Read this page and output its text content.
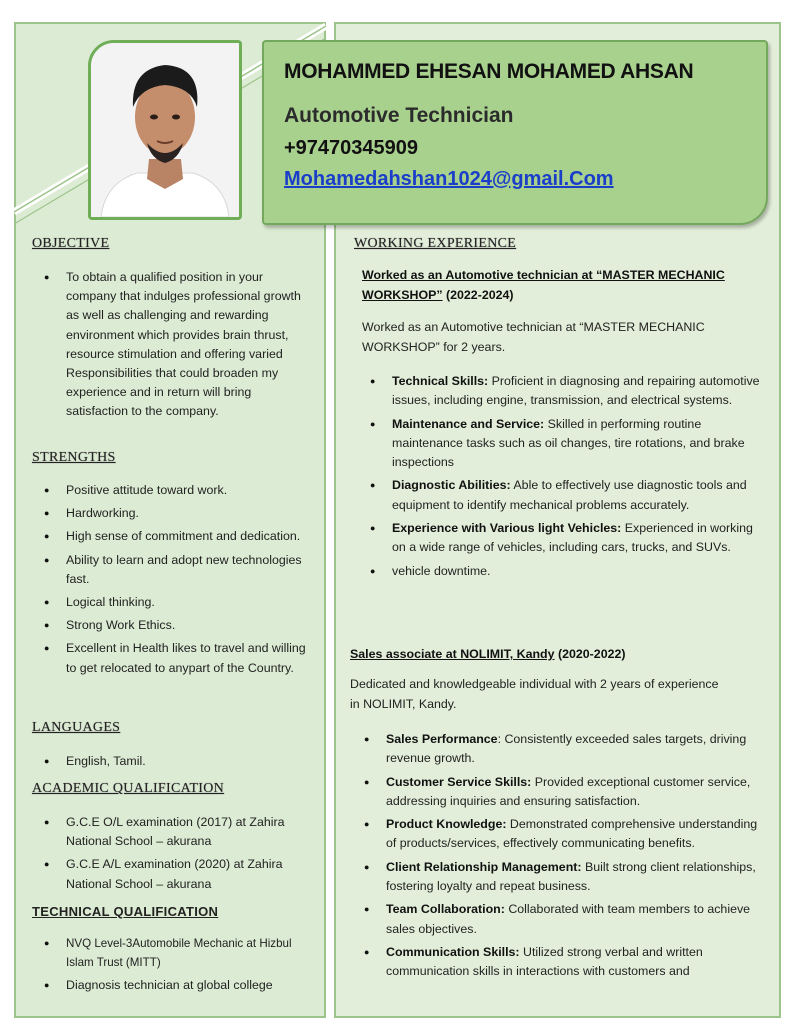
MOHAMMED EHESAN MOHAMED AHSAN
Automotive Technician
+97470345909
Mohamedahshan1024@gmail.Com
OBJECTIVE
● To obtain a qualified position in your company that indulges professional growth as well as challenging and rewarding environment which provides brain thrust, resource stimulation and offering varied Responsibilities that could broaden my experience and in return will bring satisfaction to the company.
STRENGTHS
● Positive attitude toward work.
● Hardworking.
● High sense of commitment and dedication.
● Ability to learn and adopt new technologies fast.
● Logical thinking.
● Strong Work Ethics.
● Excellent in Health likes to travel and willing to get relocated to anypart of the Country.
LANGUAGES
● English, Tamil.
ACADEMIC QUALIFICATION
● G.C.E O/L examination (2017) at Zahira National School – akurana
● G.C.E A/L examination (2020) at Zahira National School – akurana
TECHNICAL QUALIFICATION
● NVQ Level-3Automobile Mechanic at Hizbul Islam Trust (MITT)
● Diagnosis technician at global college
WORKING EXPERIENCE
Worked as an Automotive technician at “MASTER MECHANIC WORKSHOP” (2022-2024)
Worked as an Automotive technician at “MASTER MECHANIC WORKSHOP” for 2 years.
● Technical Skills: Proficient in diagnosing and repairing automotive issues, including engine, transmission, and electrical systems.
● Maintenance and Service: Skilled in performing routine maintenance tasks such as oil changes, tire rotations, and brake inspections
● Diagnostic Abilities: Able to effectively use diagnostic tools and equipment to identify mechanical problems accurately.
● Experience with Various light Vehicles: Experienced in working on a wide range of vehicles, including cars, trucks, and SUVs.
● vehicle downtime.
Sales associate at NOLIMIT, Kandy (2020-2022)
Dedicated and knowledgeable individual with 2 years of experience in NOLIMIT, Kandy.
● Sales Performance: Consistently exceeded sales targets, driving revenue growth.
● Customer Service Skills: Provided exceptional customer service, addressing inquiries and ensuring satisfaction.
● Product Knowledge: Demonstrated comprehensive understanding of products/services, effectively communicating benefits.
● Client Relationship Management: Built strong client relationships, fostering loyalty and repeat business.
● Team Collaboration: Collaborated with team members to achieve sales objectives.
● Communication Skills: Utilized strong verbal and written communication skills in interactions with customers and
